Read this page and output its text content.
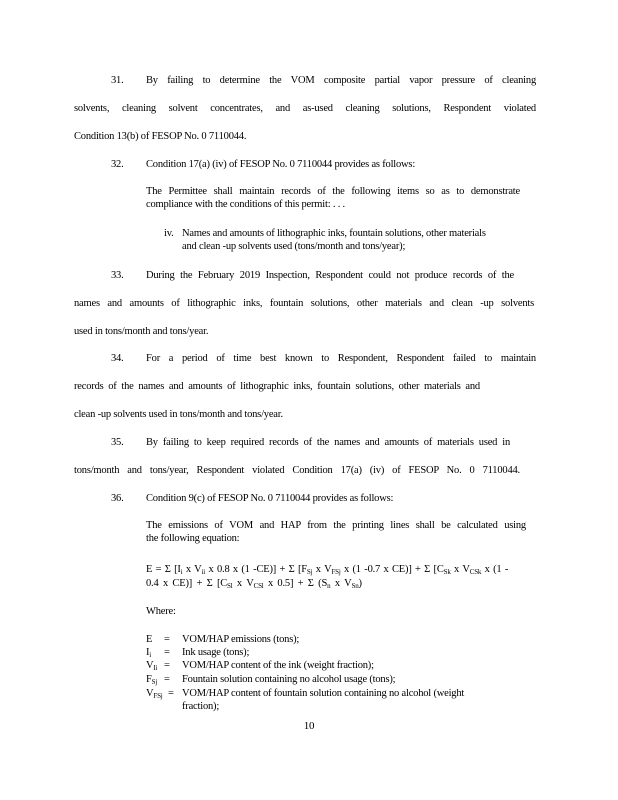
31. By failing to determine the VOM composite partial vapor pressure of cleaning
solvents, cleaning solvent concentrates, and as-used cleaning solutions, Respondent violated
Condition 13(b) of FESOP No. 0 7110044.
32. Condition 17(a) (iv) of FESOP No. 0 7110044 provides as follows:
The Permittee shall maintain records of the following items so as to demonstrate
compliance with the conditions of this permit: . . .
iv. Names and amounts of lithographic inks, fountain solutions, other materials
and clean -up solvents used (tons/month and tons/year);
33. During the February 2019 Inspection, Respondent could not produce records of the
names and amounts of lithographic inks, fountain solutions, other materials and clean -up solvents
used in tons/month and tons/year.
34. For a period of time best known to Respondent, Respondent failed to maintain
records of the names and amounts of lithographic inks, fountain solutions, other materials and
clean -up solvents used in tons/month and tons/year.
35. By failing to keep required records of the names and amounts of materials used in
tons/month and tons/year, Respondent violated Condition 17(a) (iv) of FESOP No. 0 7110044.
36. Condition 9(c) of FESOP No. 0 7110044 provides as follows:
The emissions of VOM and HAP from the printing lines shall be calculated using
the following equation:
E = Σ [$I_i$ x $V_{ii}$ x 0.8 x (1 -CE)] + Σ [$F_{Sj}$ x $V_{FSj}$ x (1 -0.7 x CE)] + Σ [$C_{Sk}$ x $V_{CSk}$ x (1 -
0.4 x CE)] + Σ [$C_{Sl}$ x $V_{CSl}$ x 0.5] + Σ ($S_n$ x $V_{Sn}$)
Where:
E = VOM/HAP emissions (tons);
$I_i$ = Ink usage (tons);
$V_{Ii} = VOM/HAP$ content of the ink (weight fraction);
$F_{Sj}$ = Fountain solution containing no alcohol usage (tons);
$V_{FSj} = VOM/HAP$ content of fountain solution containing no alcohol (weight
fraction);
10
